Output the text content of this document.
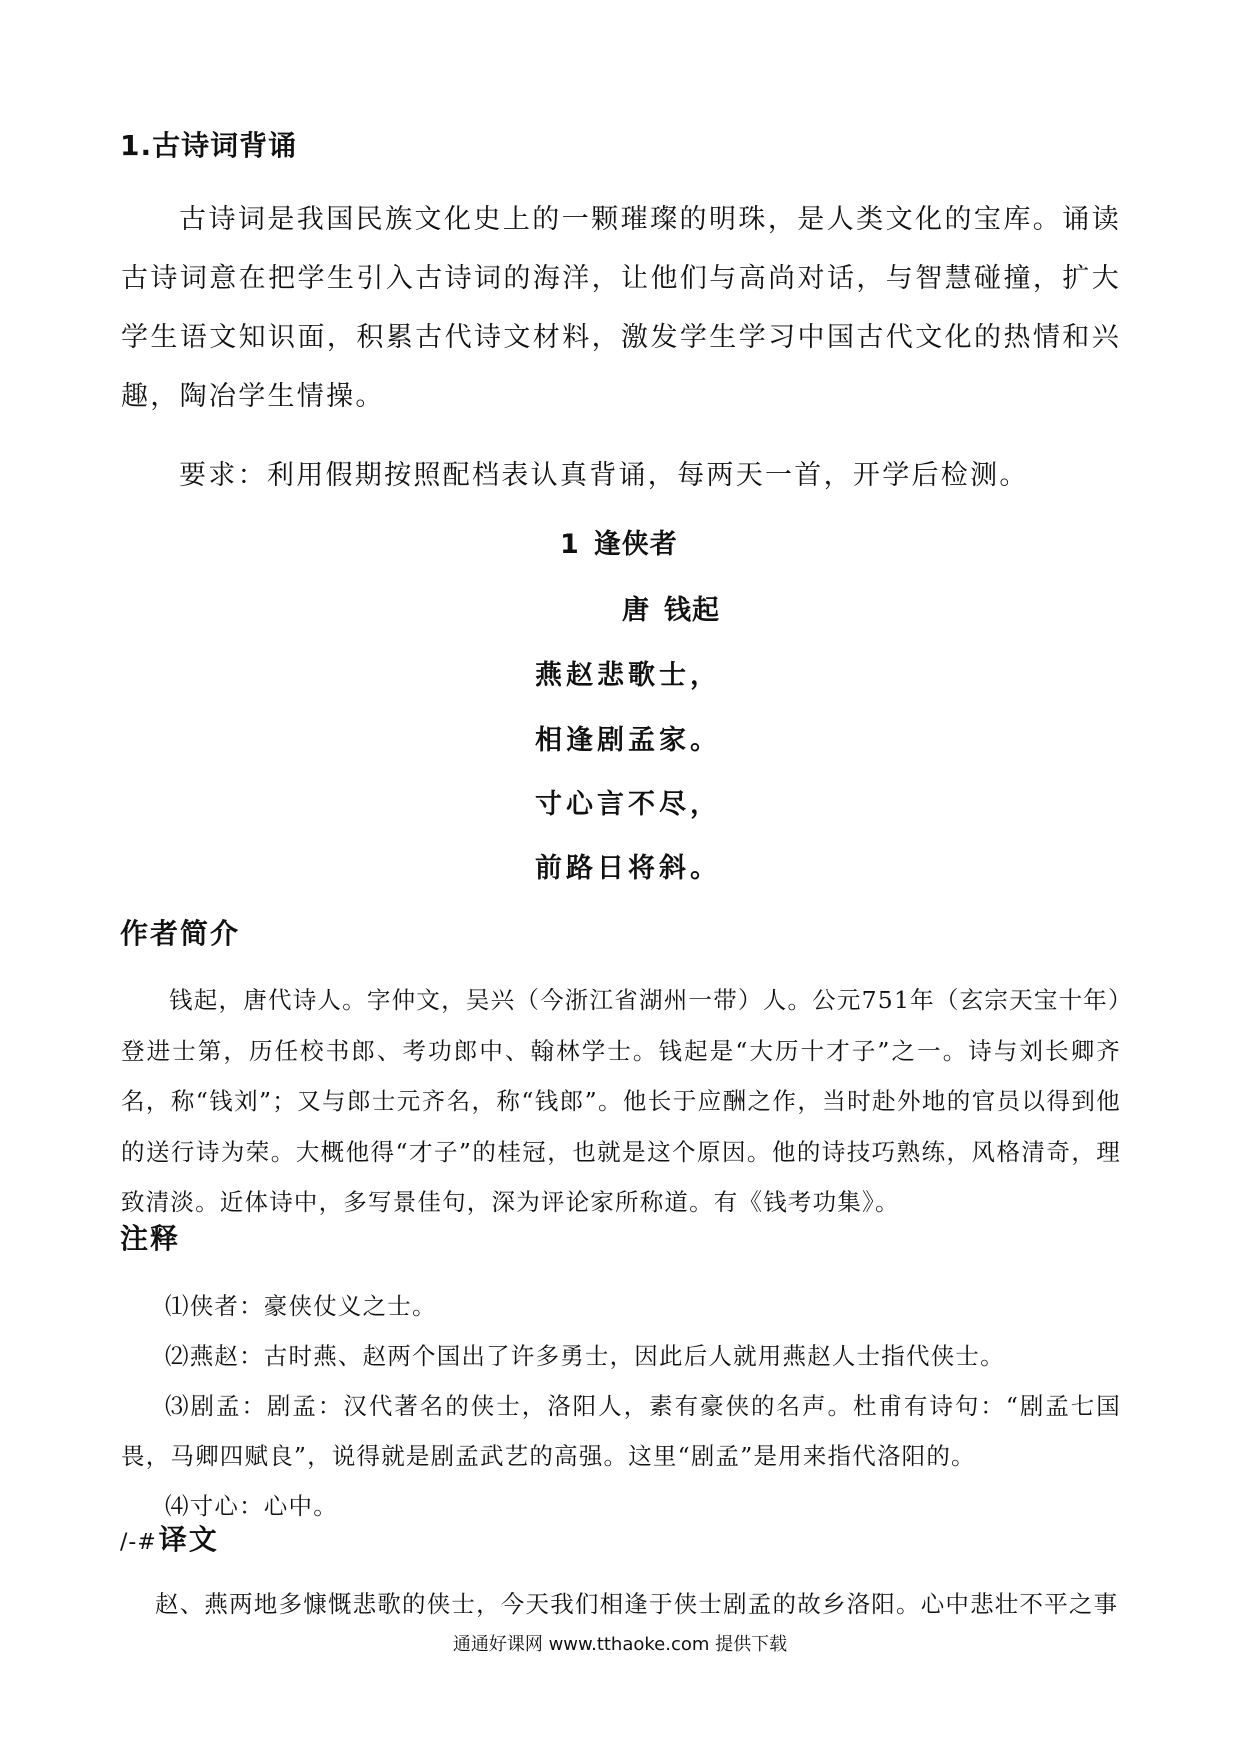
1.古诗词背诵

古诗词是我国民族文化史上的一颗璀璨的明珠，是人类文化的宝库。诵读古诗词意在把学生引入古诗词的海洋，让他们与高尚对话，与智慧碰撞，扩大学生语文知识面，积累古代诗文材料，激发学生学习中国古代文化的热情和兴趣，陶冶学生情操。

要求：利用假期按照配档表认真背诵，每两天一首，开学后检测。

1 逢侠者
唐 钱起
燕赵悲歌士，
相逢剧孟家。
寸心言不尽，
前路日将斜。
作者简介

钱起，唐代诗人。字仲文，吴兴（今浙江省湖州一带）人。公元751年（玄宗天宝十年）登进士第，历任校书郎、考功郎中、翰林学士。钱起是“大历十才子”之一。诗与刘长卿齐名，称“钱刘”；又与郎士元齐名，称“钱郎”。他长于应酬之作，当时赴外地的官员以得到他的送行诗为荣。大概他得“才子”的桂冠，也就是这个原因。他的诗技巧熟练，风格清奇，理致清淡。近体诗中，多写景佳句，深为评论家所称道。有《钱考功集》。

注释

⑴侠者：豪侠仗义之士。

⑵燕赵：古时燕、赵两个国出了许多勇士，因此后人就用燕赵人士指代侠士。

⑶剧孟：剧孟：汉代著名的侠士，洛阳人，素有豪侠的名声。杜甫有诗句：“剧孟七国畏，马卿四赋良”，说得就是剧孟武艺的高强。这里“剧孟”是用来指代洛阳的。

⑷寸心：心中。

/-#译文

赵、燕两地多慷慨悲歌的侠士，今天我们相逢于侠士剧孟的故乡洛阳。心中悲壮不平之事

通通好课网 www.tthaoke.com 提供下载
